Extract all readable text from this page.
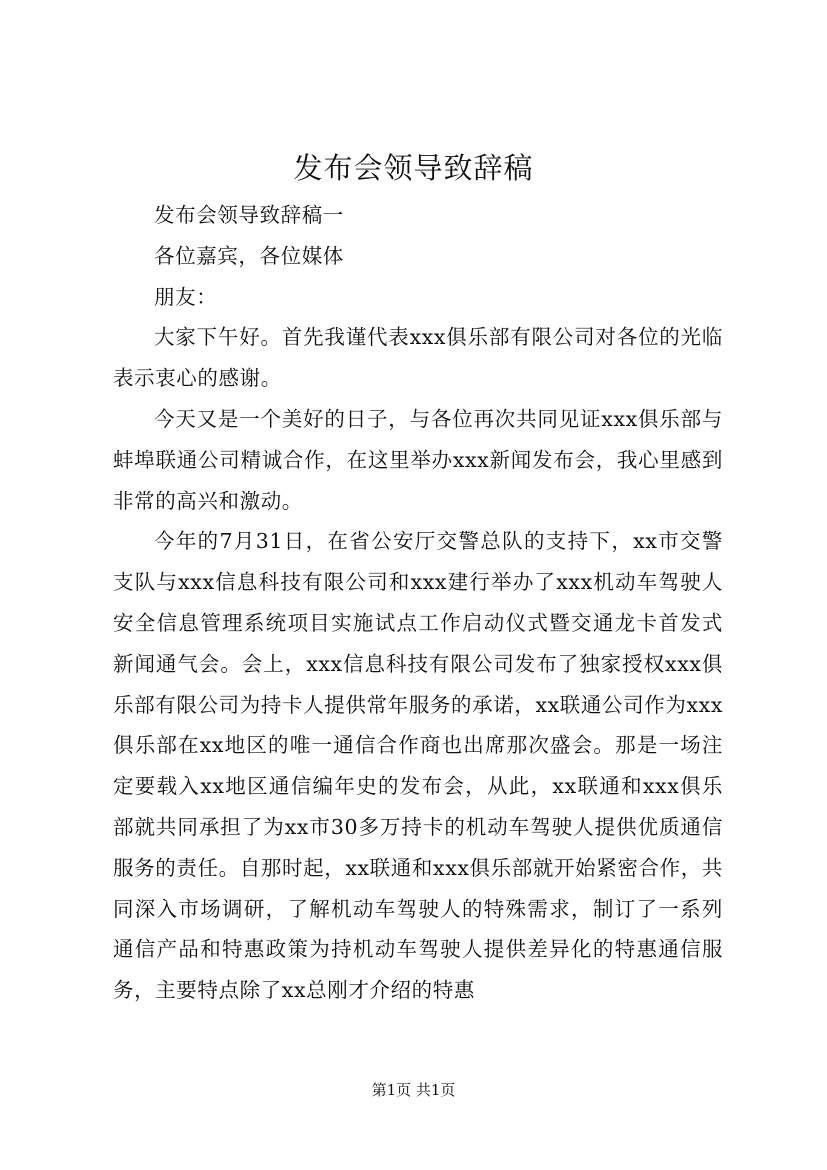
发布会领导致辞稿

发布会领导致辞稿一

各位嘉宾，各位媒体

朋友：

大家下午好。首先我谨代表xxx俱乐部有限公司对各位的光临表示衷心的感谢。

今天又是一个美好的日子，与各位再次共同见证xxx俱乐部与蚌埠联通公司精诚合作，在这里举办xxx新闻发布会，我心里感到非常的高兴和激动。

今年的7月31日，在省公安厅交警总队的支持下，xx市交警支队与xxx信息科技有限公司和xxx建行举办了xxx机动车驾驶人安全信息管理系统项目实施试点工作启动仪式暨交通龙卡首发式新闻通气会。会上，xxx信息科技有限公司发布了独家授权xxx俱乐部有限公司为持卡人提供常年服务的承诺，xx联通公司作为xxx俱乐部在xx地区的唯一通信合作商也出席那次盛会。那是一场注定要载入xx地区通信编年史的发布会，从此，xx联通和xxx俱乐部就共同承担了为xx市30多万持卡的机动车驾驶人提供优质通信服务的责任。自那时起，xx联通和xxx俱乐部就开始紧密合作，共同深入市场调研，了解机动车驾驶人的特殊需求，制订了一系列通信产品和特惠政策为持机动车驾驶人提供差异化的特惠通信服务，主要特点除了xx总刚才介绍的特惠

第1页 共1页
